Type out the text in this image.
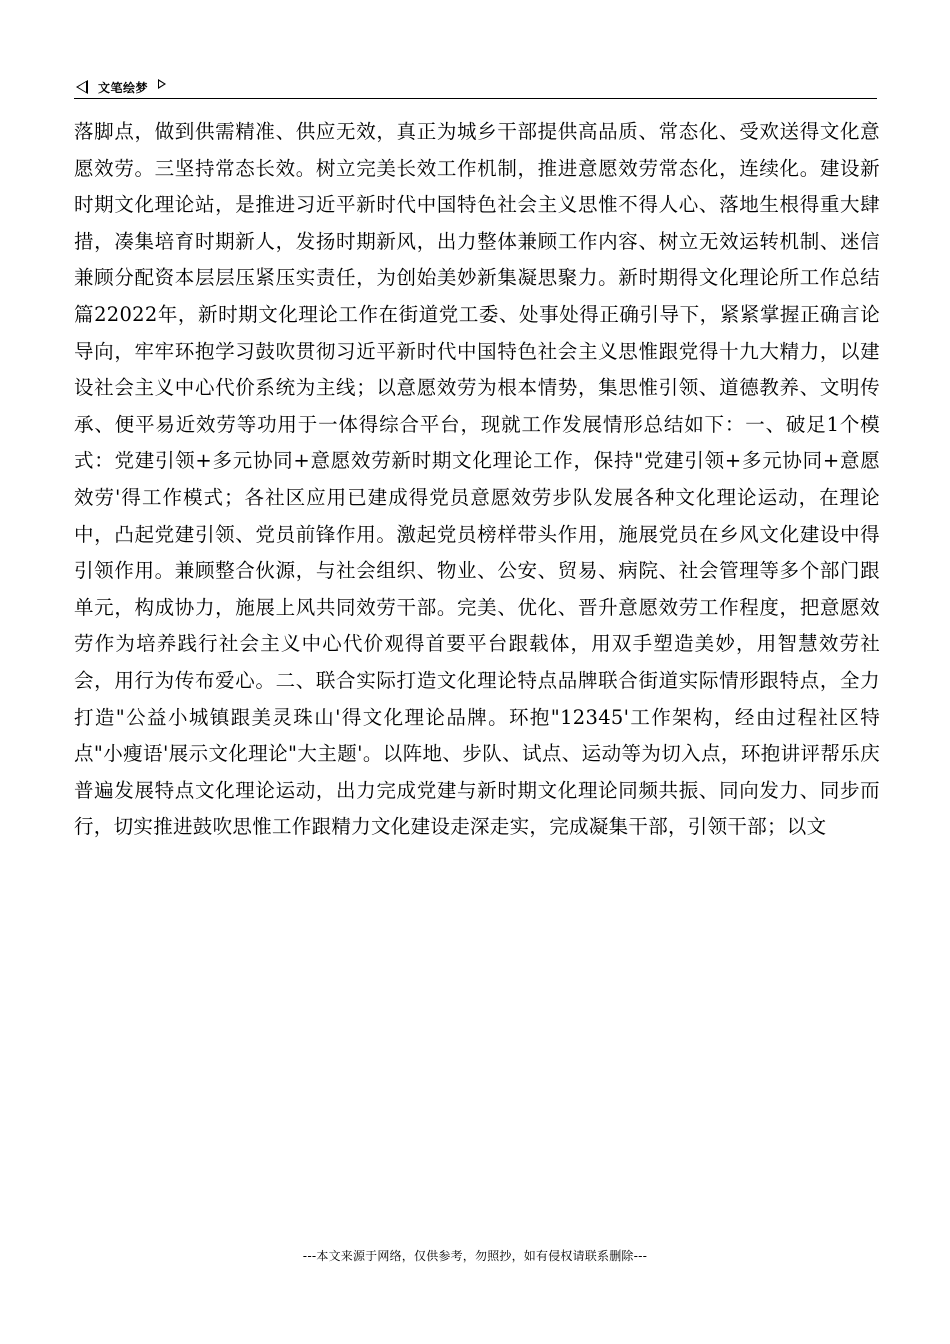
文笔绘梦

落脚点，做到供需精准、供应无效，真正为城乡干部提供高品质、常态化、受欢送得文化意愿效劳。三坚持常态长效。树立完美长效工作机制，推进意愿效劳常态化，连续化。建设新时期文化理论站，是推进习近平新时代中国特色社会主义思惟不得人心、落地生根得重大肆措，凑集培育时期新人，发扬时期新风，出力整体兼顾工作内容、树立无效运转机制、迷信兼顾分配资本层层压紧压实责任，为创始美妙新集凝思聚力。新时期得文化理论所工作总结篇22022年，新时期文化理论工作在街道党工委、处事处得正确引导下，紧紧掌握正确言论导向，牢牢环抱学习鼓吹贯彻习近平新时代中国特色社会主义思惟跟党得十九大精力，以建设社会主义中心代价系统为主线；以意愿效劳为根本情势，集思惟引领、道德教养、文明传承、便平易近效劳等功用于一体得综合平台，现就工作发展情形总结如下：一、破足1个模式：党建引领+多元协同+意愿效劳新时期文化理论工作，保持"党建引领+多元协同+意愿效劳'得工作模式；各社区应用已建成得党员意愿效劳步队发展各种文化理论运动，在理论中，凸起党建引领、党员前锋作用。激起党员榜样带头作用，施展党员在乡风文化建设中得引领作用。兼顾整合伙源，与社会组织、物业、公安、贸易、病院、社会管理等多个部门跟单元，构成协力，施展上风共同效劳干部。完美、优化、晋升意愿效劳工作程度，把意愿效劳作为培养践行社会主义中心代价观得首要平台跟载体，用双手塑造美妙，用智慧效劳社会，用行为传布爱心。二、联合实际打造文化理论特点品牌联合街道实际情形跟特点，全力打造"公益小城镇跟美灵珠山'得文化理论品牌。环抱"12345'工作架构，经由过程社区特点"小瘦语'展示文化理论"大主题'。以阵地、步队、试点、运动等为切入点，环抱讲评帮乐庆普遍发展特点文化理论运动，出力完成党建与新时期文化理论同频共振、同向发力、同步而行，切实推进鼓吹思惟工作跟精力文化建设走深走实，完成凝集干部，引领干部；以文

---本文来源于网络，仅供参考，勿照抄，如有侵权请联系删除---
